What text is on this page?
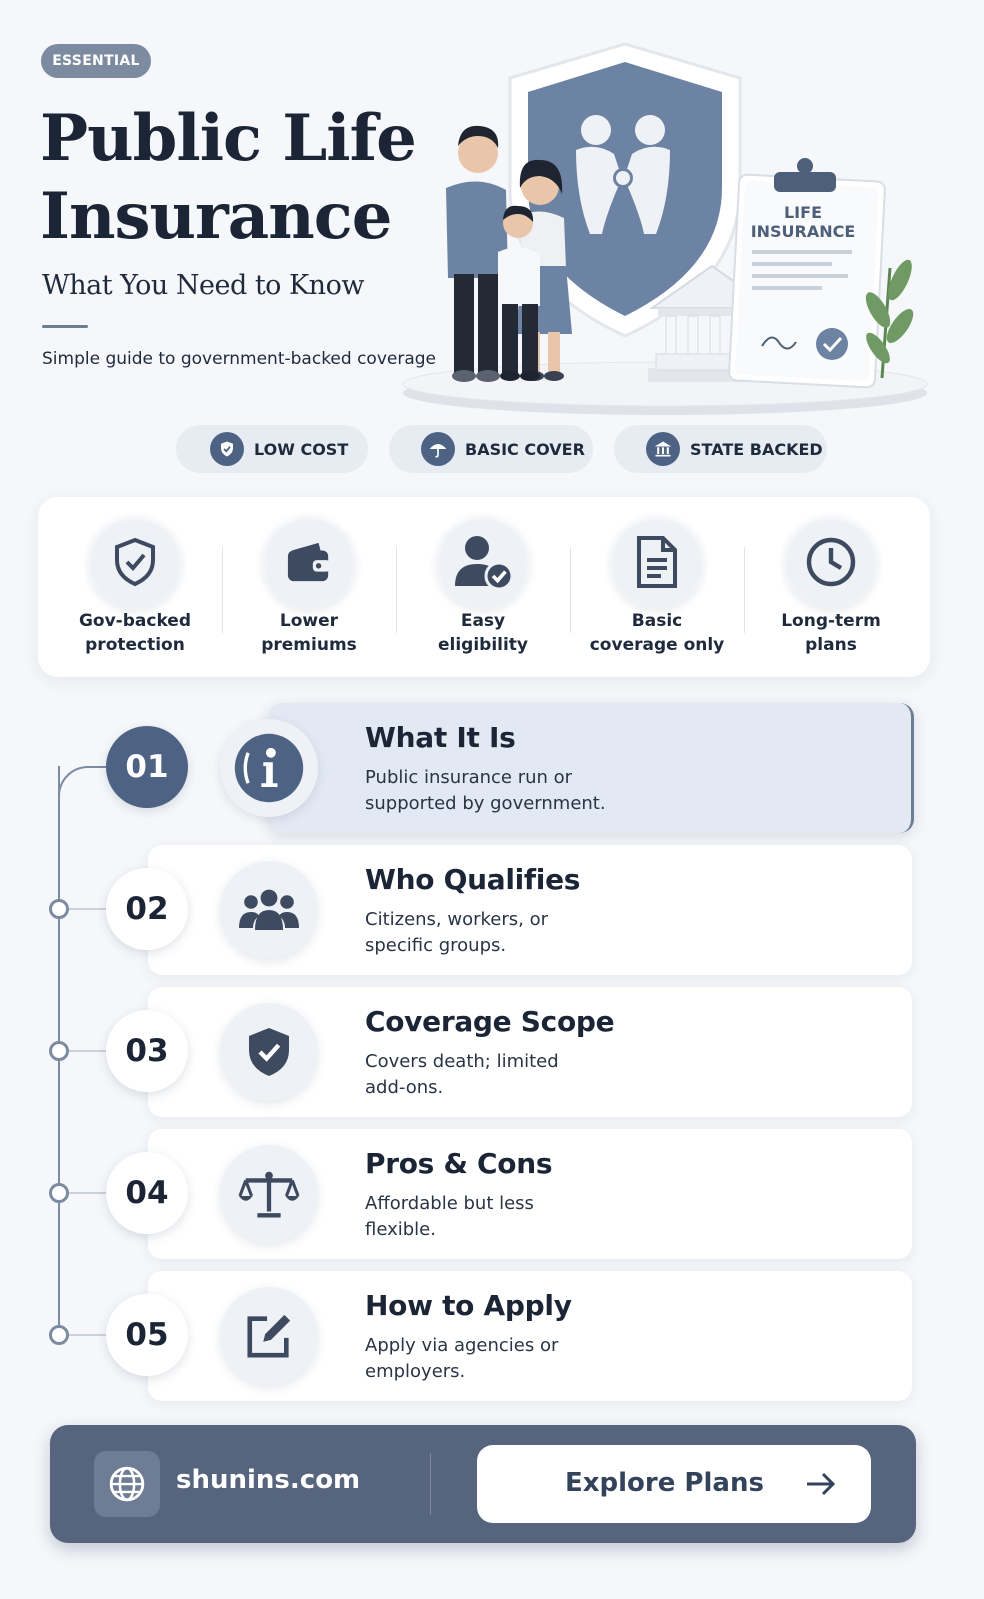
ESSENTIAL
Public Life
Insurance
What You Need to Know
Simple guide to government-backed coverage
LIFE
INSURANCE
LOW COST	BASIC COVER	STATE BACKED
Gov-backed
protection
Lower
premiums
Easy
eligibility
Basic
coverage only
Long-term
plans
01
What It Is
Public insurance run or
supported by government.
02
Who Qualifies
Citizens, workers, or
specific groups.
03
Coverage Scope
Covers death; limited
add-ons.
04
Pros & Cons
Affordable but less
flexible.
05
How to Apply
Apply via agencies or
employers.
shunins.com	Explore Plans
